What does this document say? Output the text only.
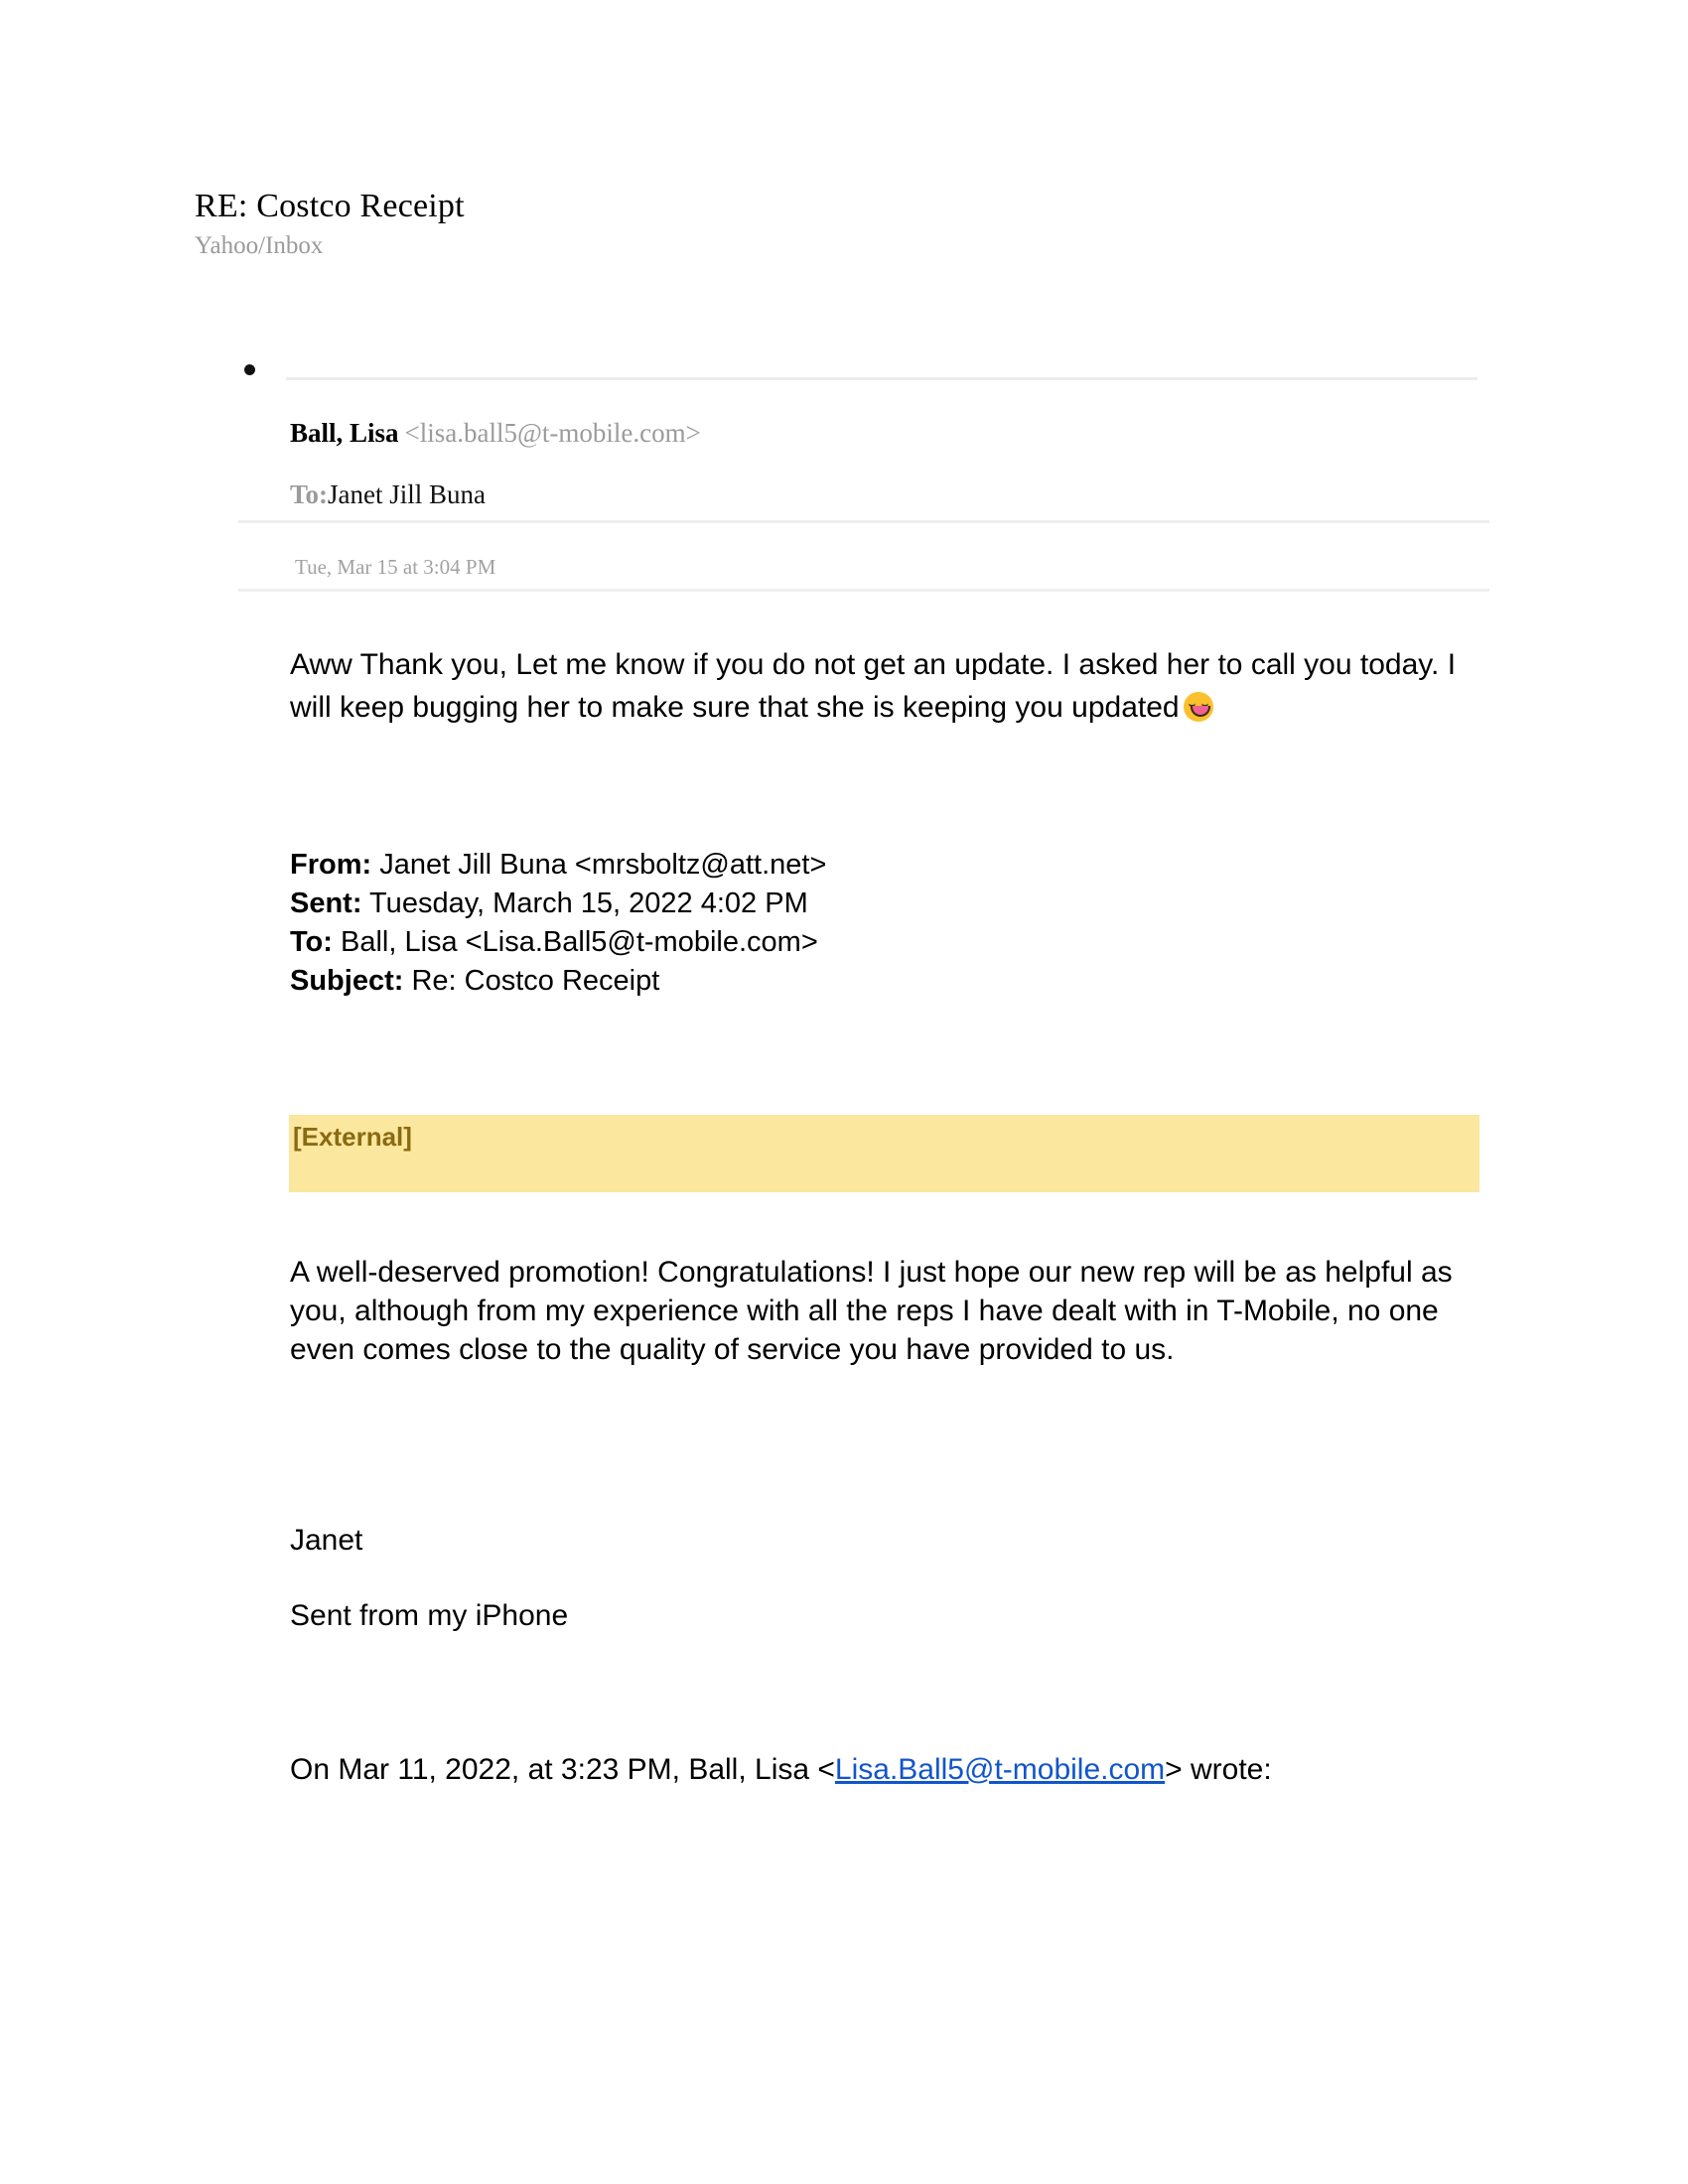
RE: Costco Receipt
Yahoo/Inbox
Ball, Lisa <lisa.ball5@t-mobile.com>
To:Janet Jill Buna
Tue, Mar 15 at 3:04 PM
Aww Thank you, Let me know if you do not get an update. I asked her to call you today. I will keep bugging her to make sure that she is keeping you updated
From: Janet Jill Buna <mrsboltz@att.net>
Sent: Tuesday, March 15, 2022 4:02 PM
To: Ball, Lisa <Lisa.Ball5@t-mobile.com>
Subject: Re: Costco Receipt
[External]
A well-deserved promotion! Congratulations! I just hope our new rep will be as helpful as you, although from my experience with all the reps I have dealt with in T-Mobile, no one even comes close to the quality of service you have provided to us.
Janet
Sent from my iPhone
On Mar 11, 2022, at 3:23 PM, Ball, Lisa <Lisa.Ball5@t-mobile.com> wrote:
